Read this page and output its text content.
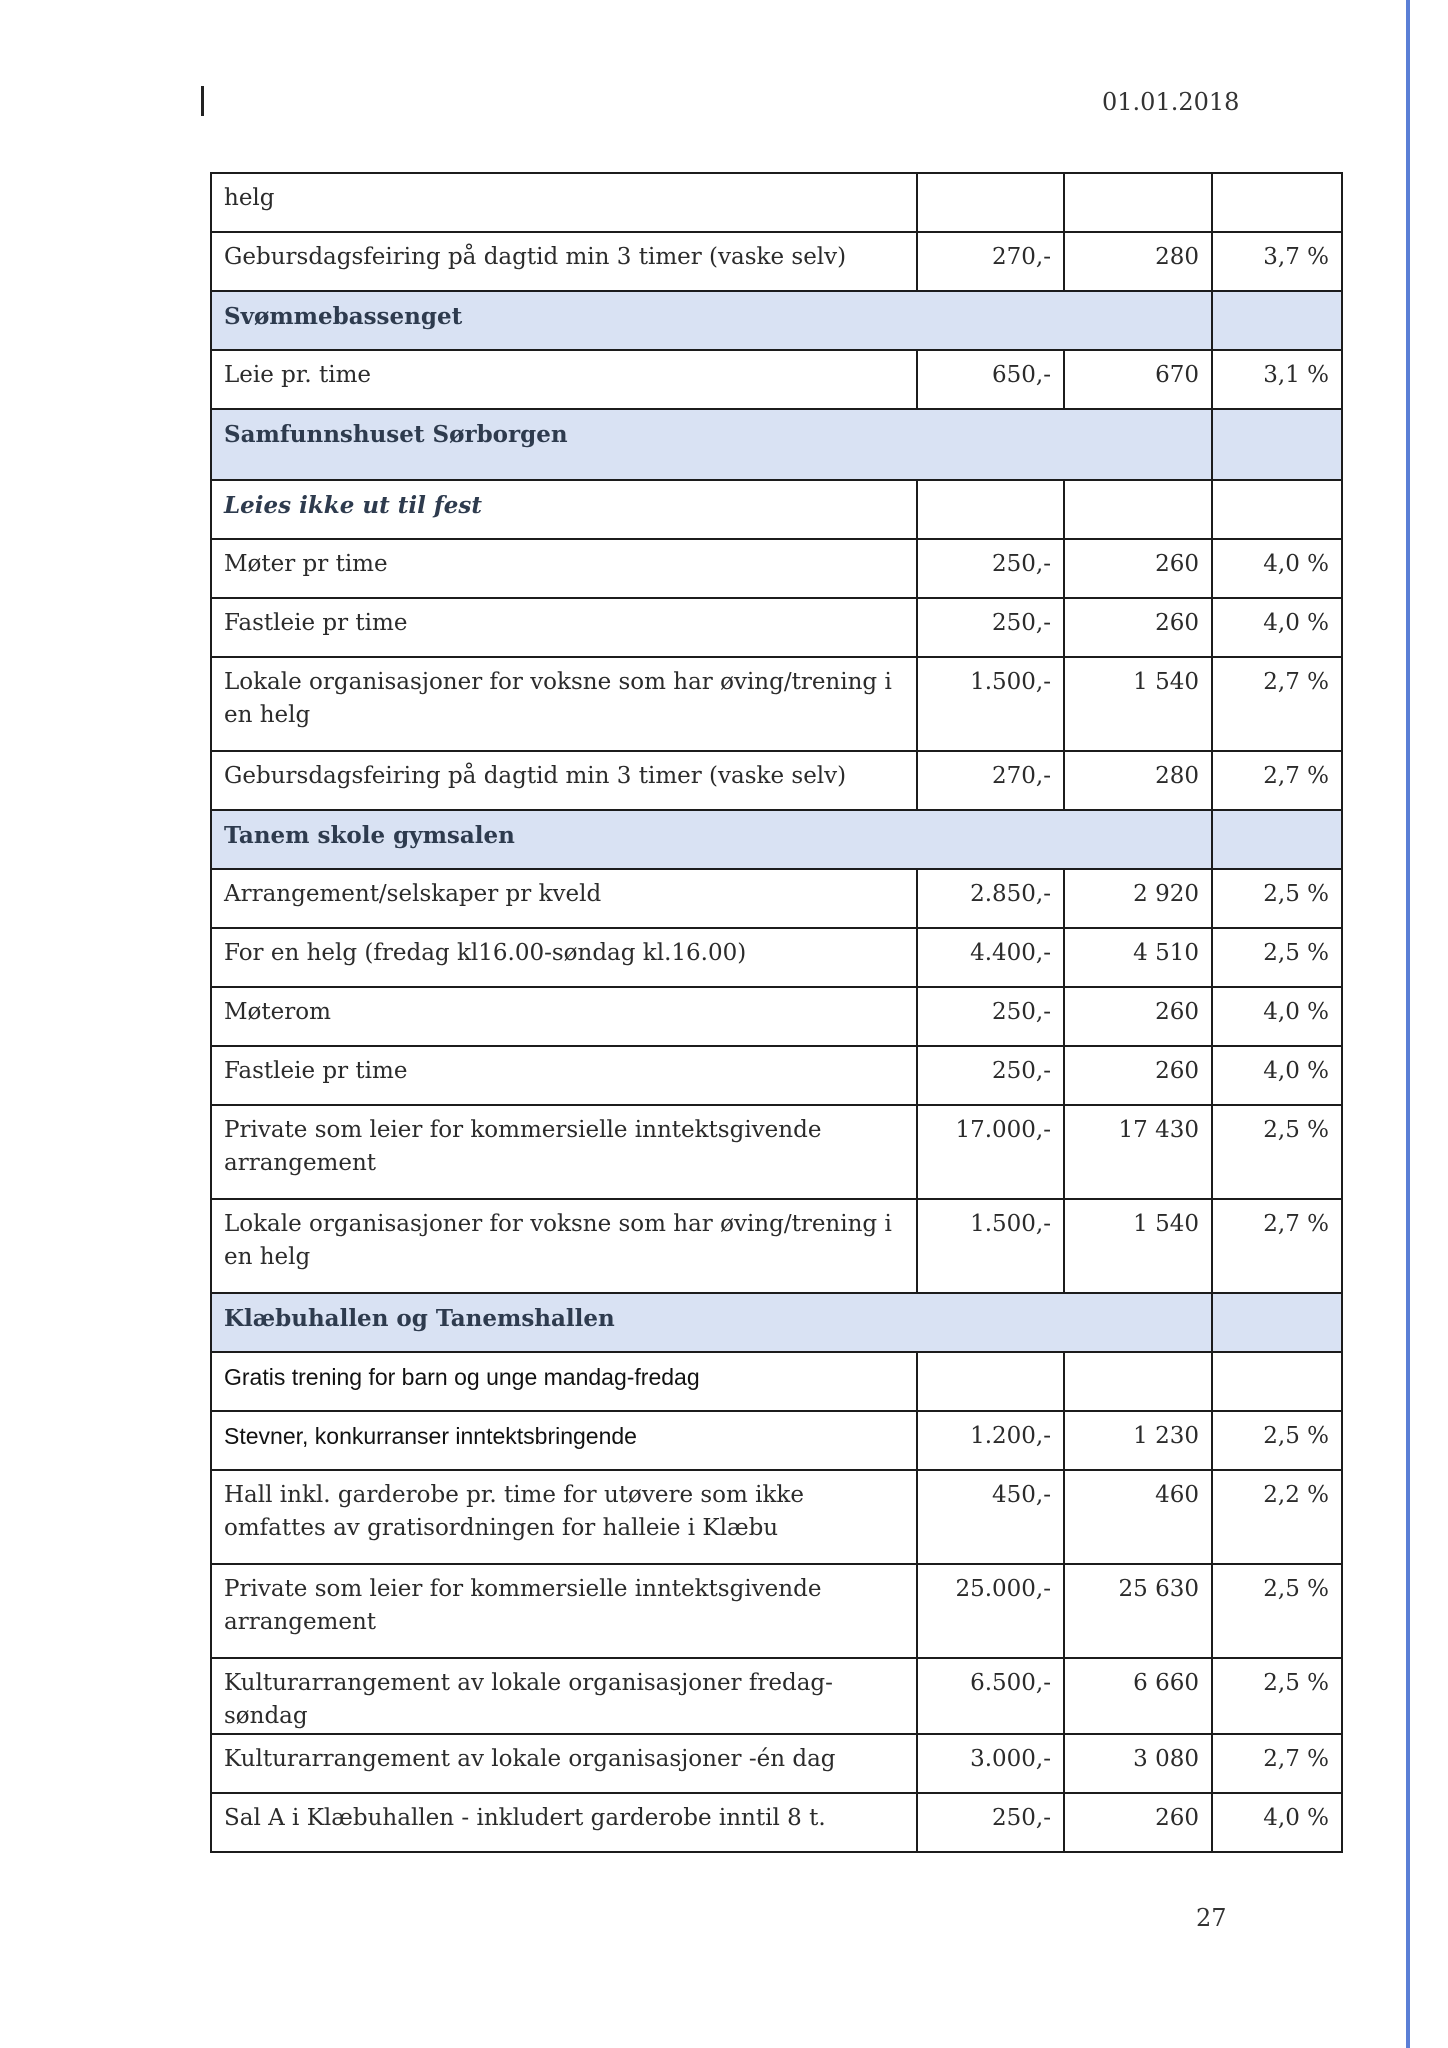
01.01.2018
helg			
Gebursdagsfeiring på dagtid min 3 timer (vaske selv)	270,-	280	3,7 %
Svømmebassenget			
Leie pr. time	650,-	670	3,1 %
Samfunnshuset Sørborgen			
Leies ikke ut til fest			
Møter pr time	250,-	260	4,0 %
Fastleie pr time	250,-	260	4,0 %
Lokale organisasjoner for voksne som har øving/trening i en helg	1.500,-	1 540	2,7 %
Gebursdagsfeiring på dagtid min 3 timer (vaske selv)	270,-	280	2,7 %
Tanem skole gymsalen			
Arrangement/selskaper pr kveld	2.850,-	2 920	2,5 %
For en helg (fredag kl16.00-søndag kl.16.00)	4.400,-	4 510	2,5 %
Møterom	250,-	260	4,0 %
Fastleie pr time	250,-	260	4,0 %
Private som leier for kommersielle inntektsgivende arrangement	17.000,-	17 430	2,5 %
Lokale organisasjoner for voksne som har øving/trening i en helg	1.500,-	1 540	2,7 %
Klæbuhallen og Tanemshallen			
Gratis trening for barn og unge mandag-fredag			
Stevner, konkurranser inntektsbringende	1.200,-	1 230	2,5 %
Hall inkl. garderobe pr. time for utøvere som ikke omfattes av gratisordningen for halleie i Klæbu	450,-	460	2,2 %
Private som leier for kommersielle inntektsgivende arrangement	25.000,-	25 630	2,5 %
Kulturarrangement av lokale organisasjoner fredag-søndag	6.500,-	6 660	2,5 %
Kulturarrangement av lokale organisasjoner -én dag	3.000,-	3 080	2,7 %
Sal A i Klæbuhallen - inkludert garderobe inntil 8 t.	250,-	260	4,0 %
27
